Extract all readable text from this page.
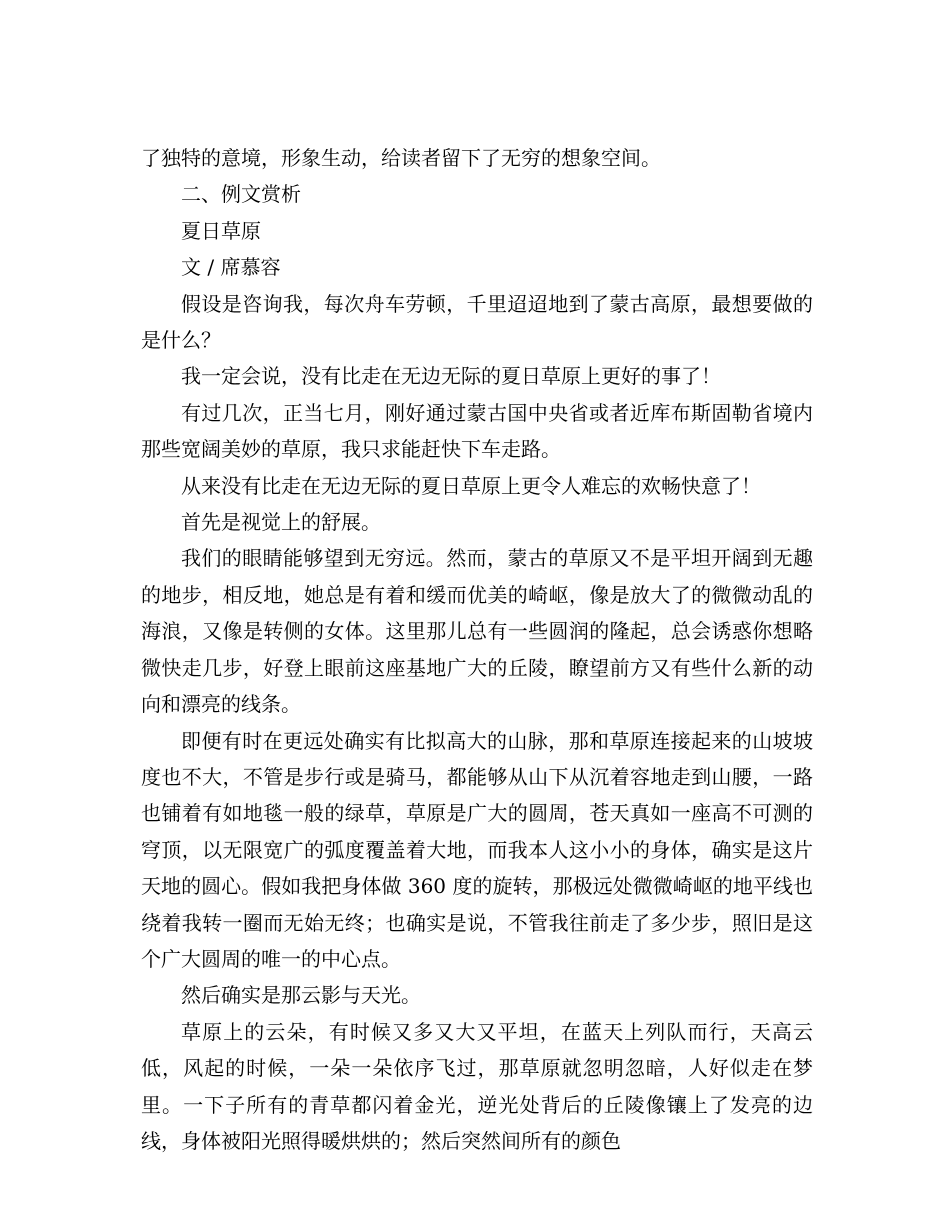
了独特的意境，形象生动，给读者留下了无穷的想象空间。

二、例文赏析

夏日草原

文 / 席慕容

假设是咨询我，每次舟车劳顿，千里迢迢地到了蒙古高原，最想要做的是什么？

我一定会说，没有比走在无边无际的夏日草原上更好的事了！

有过几次，正当七月，刚好通过蒙古国中央省或者近库布斯固勒省境内那些宽阔美妙的草原，我只求能赶快下车走路。

从来没有比走在无边无际的夏日草原上更令人难忘的欢畅快意了！

首先是视觉上的舒展。

我们的眼睛能够望到无穷远。然而，蒙古的草原又不是平坦开阔到无趣的地步，相反地，她总是有着和缓而优美的崎岖，像是放大了的微微动乱的海浪，又像是转侧的女体。这里那儿总有一些圆润的隆起，总会诱惑你想略微快走几步，好登上眼前这座基地广大的丘陵，瞭望前方又有些什么新的动向和漂亮的线条。

即便有时在更远处确实有比拟高大的山脉，那和草原连接起来的山坡坡度也不大，不管是步行或是骑马，都能够从山下从沉着容地走到山腰，一路也铺着有如地毯一般的绿草，草原是广大的圆周，苍天真如一座高不可测的穹顶，以无限宽广的弧度覆盖着大地，而我本人这小小的身体，确实是这片天地的圆心。假如我把身体做 360 度的旋转，那极远处微微崎岖的地平线也绕着我转一圈而无始无终；也确实是说，不管我往前走了多少步，照旧是这个广大圆周的唯一的中心点。

然后确实是那云影与天光。

草原上的云朵，有时候又多又大又平坦，在蓝天上列队而行，天高云低，风起的时候，一朵一朵依序飞过，那草原就忽明忽暗，人好似走在梦里。一下子所有的青草都闪着金光，逆光处背后的丘陵像镶上了发亮的边线，身体被阳光照得暖烘烘的；然后突然间所有的颜色
